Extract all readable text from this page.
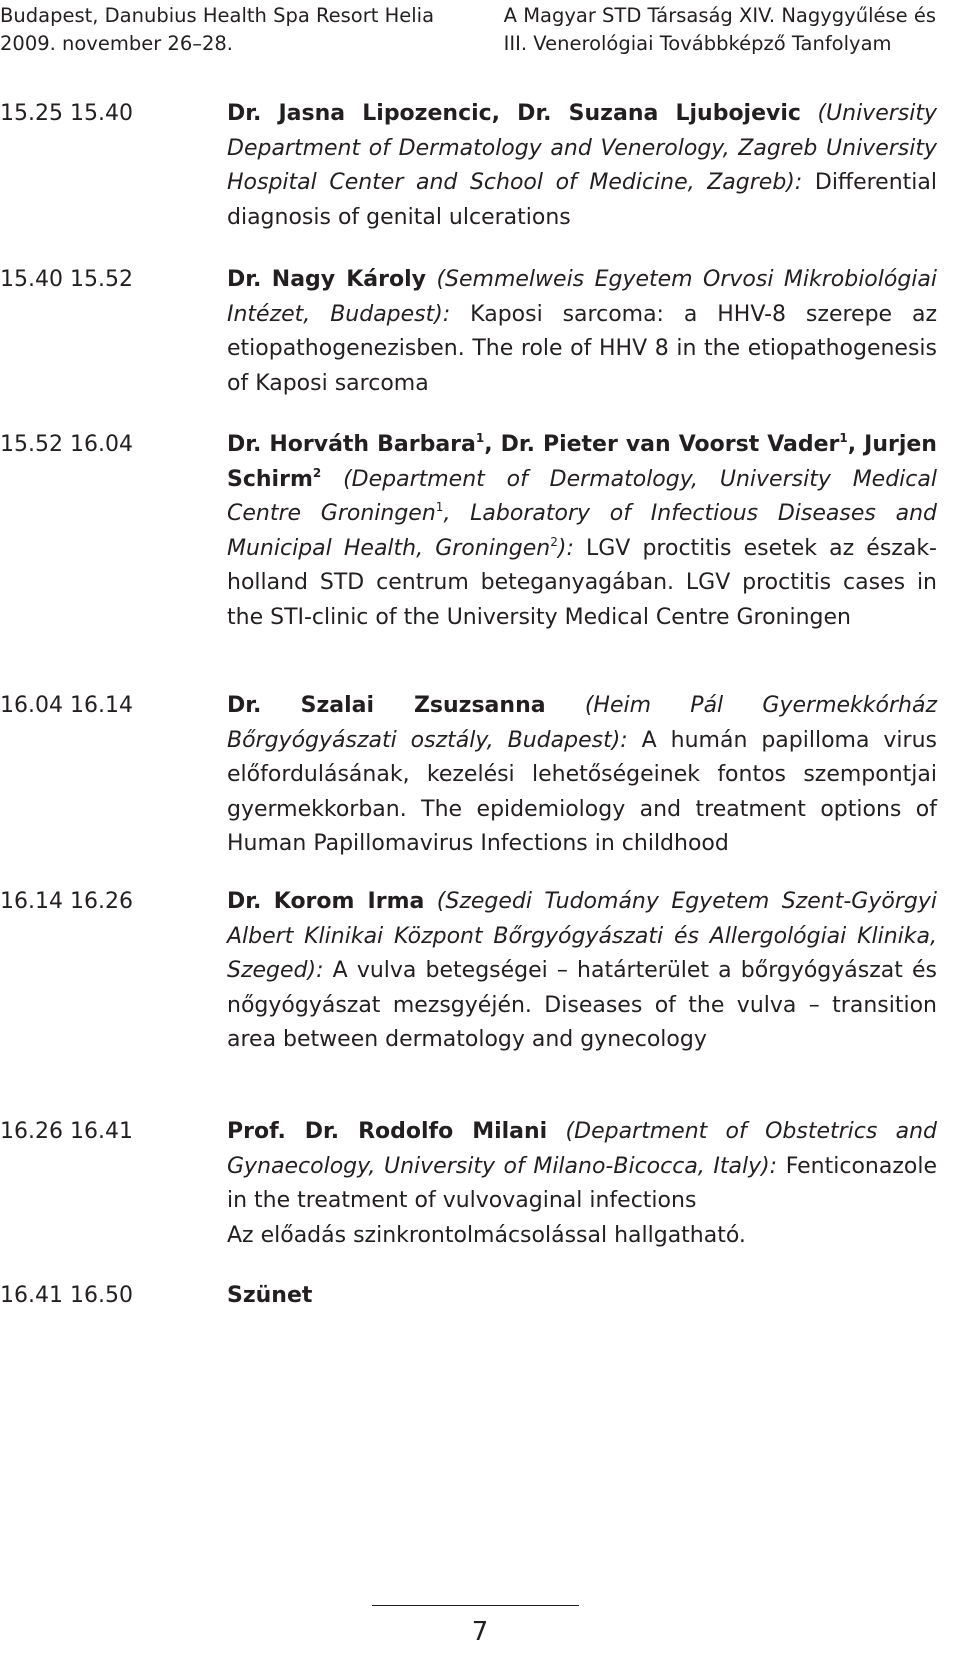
Budapest, Danubius Health Spa Resort Helia
2009. november 26–28.
A Magyar STD Társaság XIV. Nagygyűlése és
III. Venerológiai Továbbképző Tanfolyam
15.25 15.40	Dr. Jasna Lipozencic, Dr. Suzana Ljubojevic (University Department of Dermatology and Venerology, Zagreb University Hospital Center and School of Medicine, Zagreb): Differential diagnosis of genital ulcerations
15.40 15.52	Dr. Nagy Károly (Semmelweis Egyetem Orvosi Mikrobiológiai Intézet, Budapest): Kaposi sarcoma: a HHV-8 szerepe az etiopathogenezisben. The role of HHV 8 in the etiopathogenesis of Kaposi sarcoma
15.52 16.04	Dr. Horváth Barbara$^1$, Dr. Pieter van Voorst Vader$^1$, Jurjen Schirm$^2$ (Department of Dermatology, University Medical Centre Groningen$^1$, Laboratory of Infectious Diseases and Municipal Health, Groningen$^2$): LGV proctitis esetek az észak-holland STD centrum beteganyagában. LGV proctitis cases in the STI-clinic of the University Medical Centre Groningen
16.04 16.14	Dr. Szalai Zsuzsanna (Heim Pál Gyermekkórház Bőrgyógyászati osztály, Budapest): A humán papilloma virus előfordulásának, kezelési lehetőségeinek fontos szempontjai gyermekkorban. The epidemiology and treatment options of Human Papillomavirus Infections in childhood
16.14 16.26	Dr. Korom Irma (Szegedi Tudomány Egyetem Szent-Györgyi Albert Klinikai Központ Bőrgyógyászati és Allergológiai Klinika, Szeged): A vulva betegségei – határterület a bőrgyógyászat és nőgyógyászat mezsgyéjén. Diseases of the vulva – transition area between dermatology and gynecology
16.26 16.41	Prof. Dr. Rodolfo Milani (Department of Obstetrics and Gynaecology, University of Milano-Bicocca, Italy): Fenticonazole in the treatment of vulvovaginal infections
Az előadás szinkrontolmácsolással hallgatható.
16.41 16.50	Szünet
7
